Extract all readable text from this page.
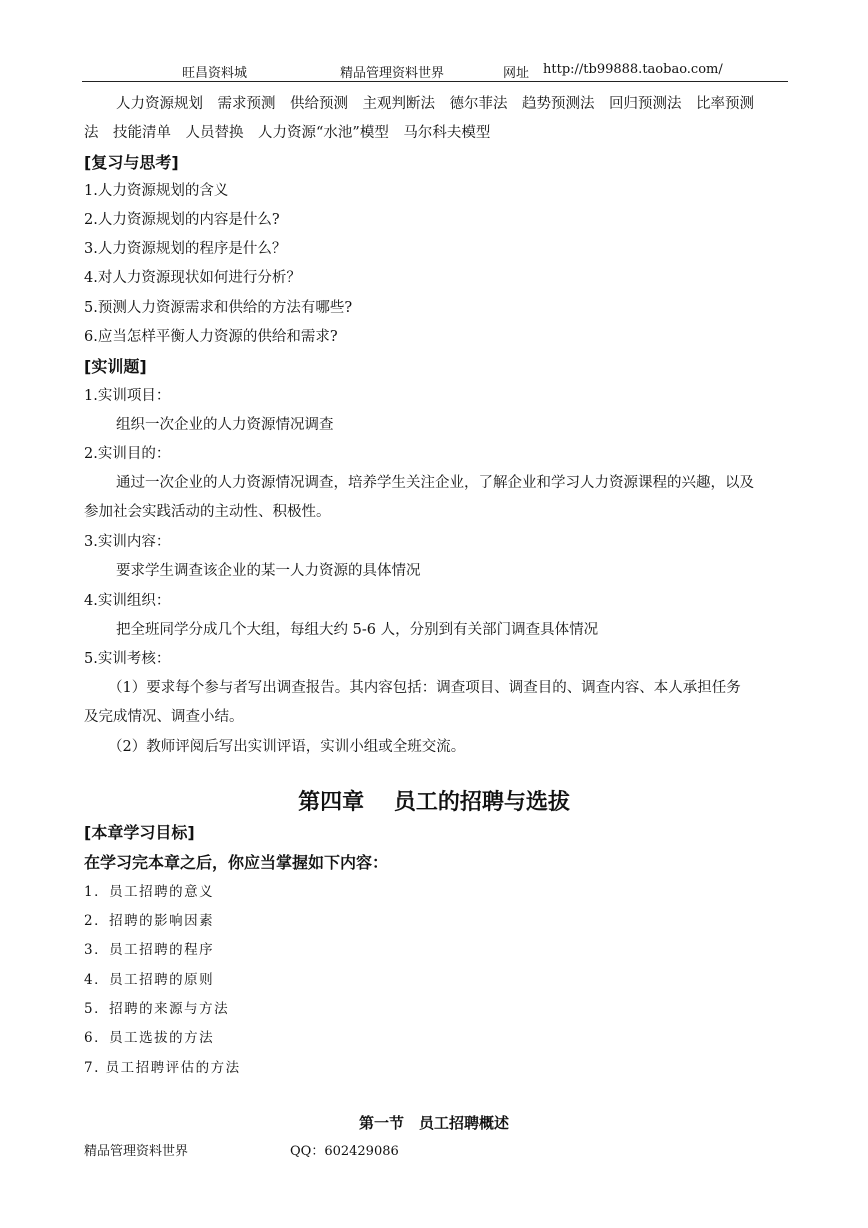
旺昌资料城	精品管理资料世界	网址 http://tb99888.taobao.com/
人力资源规划　需求预测　供给预测　主观判断法　德尔菲法　趋势预测法　回归预测法　比率预测
法　技能清单　人员替换　人力资源“水池”模型　马尔科夫模型
[复习与思考]
1.人力资源规划的含义
2.人力资源规划的内容是什么?
3.人力资源规划的程序是什么？
4.对人力资源现状如何进行分析？
5.预测人力资源需求和供给的方法有哪些?
6.应当怎样平衡人力资源的供给和需求?
[实训题]
1.实训项目：
组织一次企业的人力资源情况调查
2.实训目的：
通过一次企业的人力资源情况调查，培养学生关注企业，了解企业和学习人力资源课程的兴趣，以及
参加社会实践活动的主动性、积极性。
3.实训内容：
要求学生调查该企业的某一人力资源的具体情况
4.实训组织：
把全班同学分成几个大组，每组大约 5-6 人，分别到有关部门调查具体情况
5.实训考核：
（1）要求每个参与者写出调查报告。其内容包括：调查项目、调查目的、调查内容、本人承担任务
及完成情况、调查小结。
（2）教师评阅后写出实训评语，实训小组或全班交流。
第四章　 员工的招聘与选拔
[本章学习目标]
在学习完本章之后，你应当掌握如下内容：
1．员工招聘的意义
2．招聘的影响因素
3．员工招聘的程序
4．员工招聘的原则
5．招聘的来源与方法
6．员工选拔的方法
7. 员工招聘评估的方法
第一节　员工招聘概述
精品管理资料世界	QQ：602429086
